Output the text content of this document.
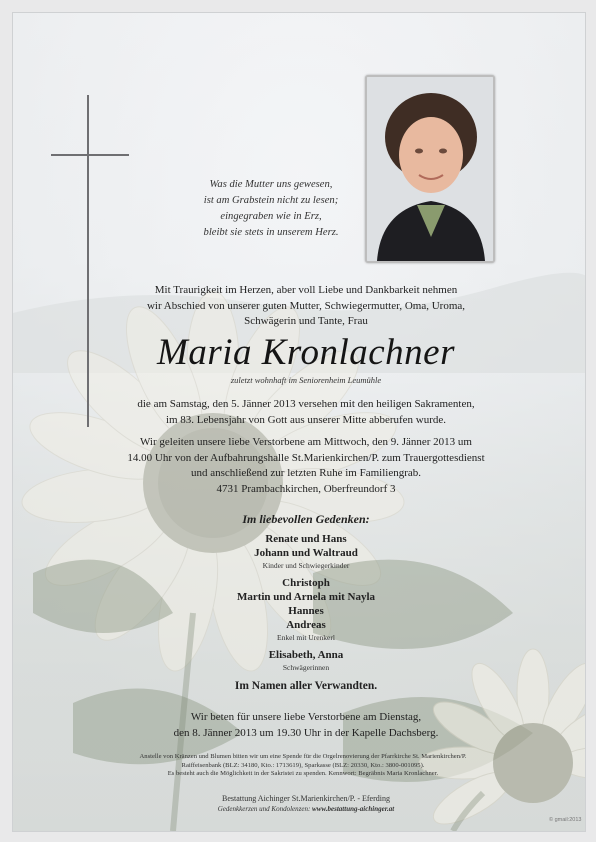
Was die Mutter uns gewesen,
ist am Grabstein nicht zu lesen;
eingegraben wie in Erz,
bleibt sie stets in unserem Herz.
Mit Traurigkeit im Herzen, aber voll Liebe und Dankbarkeit nehmen
wir Abschied von unserer guten Mutter, Schwiegermutter, Oma, Uroma,
Schwägerin und Tante, Frau
Maria Kronlachner
zuletzt wohnhaft im Seniorenheim Leumühle
die am Samstag, den 5. Jänner 2013 versehen mit den heiligen Sakramenten,
im 83. Lebensjahr von Gott aus unserer Mitte abberufen wurde.
Wir geleiten unsere liebe Verstorbene am Mittwoch, den 9. Jänner 2013 um
14.00 Uhr von der Aufbahrungshalle St.Marienkirchen/P. zum Trauergottesdienst
und anschließend zur letzten Ruhe im Familiengrab.
4731 Prambachkirchen, Oberfreundorf 3
Im liebevollen Gedenken:
Renate und Hans
Johann und Waltraud
Kinder und Schwiegerkinder
Christoph
Martin und Arnela mit Nayla
Hannes
Andreas
Enkel mit Urenkerl
Elisabeth, Anna
Schwägerinnen
Im Namen aller Verwandten.
Wir beten für unsere liebe Verstorbene am Dienstag,
den 8. Jänner 2013 um 19.30 Uhr in der Kapelle Dachsberg.
Anstelle von Kränzen und Blumen bitten wir um eine Spende für die Orgelrenovierung der Pfarrkirche St. Marienkirchen/P.
Raiffeisenbank (BLZ: 34180, Kto.: 1713619), Sparkasse (BLZ: 20330, Kto.: 3800-001095).
Es besteht auch die Möglichkeit in der Sakristei zu spenden. Kennwort: Begräbnis Maria Kronlachner.
Bestattung Aichinger St.Marienkirchen/P. - Eferding
Gedenkkerzen und Kondolenzen: www.bestattung-aichinger.at
© gmail:2013
